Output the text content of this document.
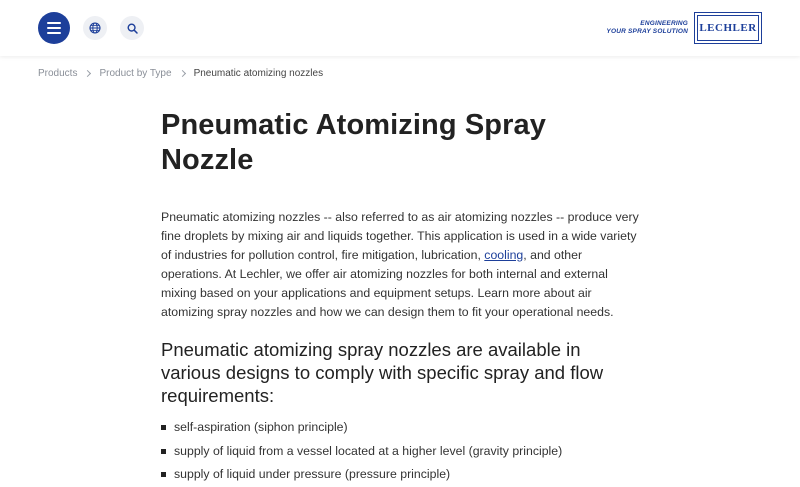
ENGINEERING
YOUR SPRAY SOLUTION LECHLER
Products Product by Type Pneumatic atomizing nozzles
Pneumatic Atomizing Spray
Nozzle

Pneumatic atomizing nozzles -- also referred to as air atomizing nozzles -- produce very fine droplets by mixing air and liquids together. This application is used in a wide variety of industries for pollution control, fire mitigation, lubrication, cooling, and other operations. At Lechler, we offer air atomizing nozzles for both internal and external mixing based on your applications and equipment setups. Learn more about air atomizing spray nozzles and how we can design them to fit your operational needs.

Pneumatic atomizing spray nozzles are available in various designs to comply with specific spray and flow requirements:
self-aspiration (siphon principle)
supply of liquid from a vessel located at a higher level (gravity principle)
supply of liquid under pressure (pressure principle)
